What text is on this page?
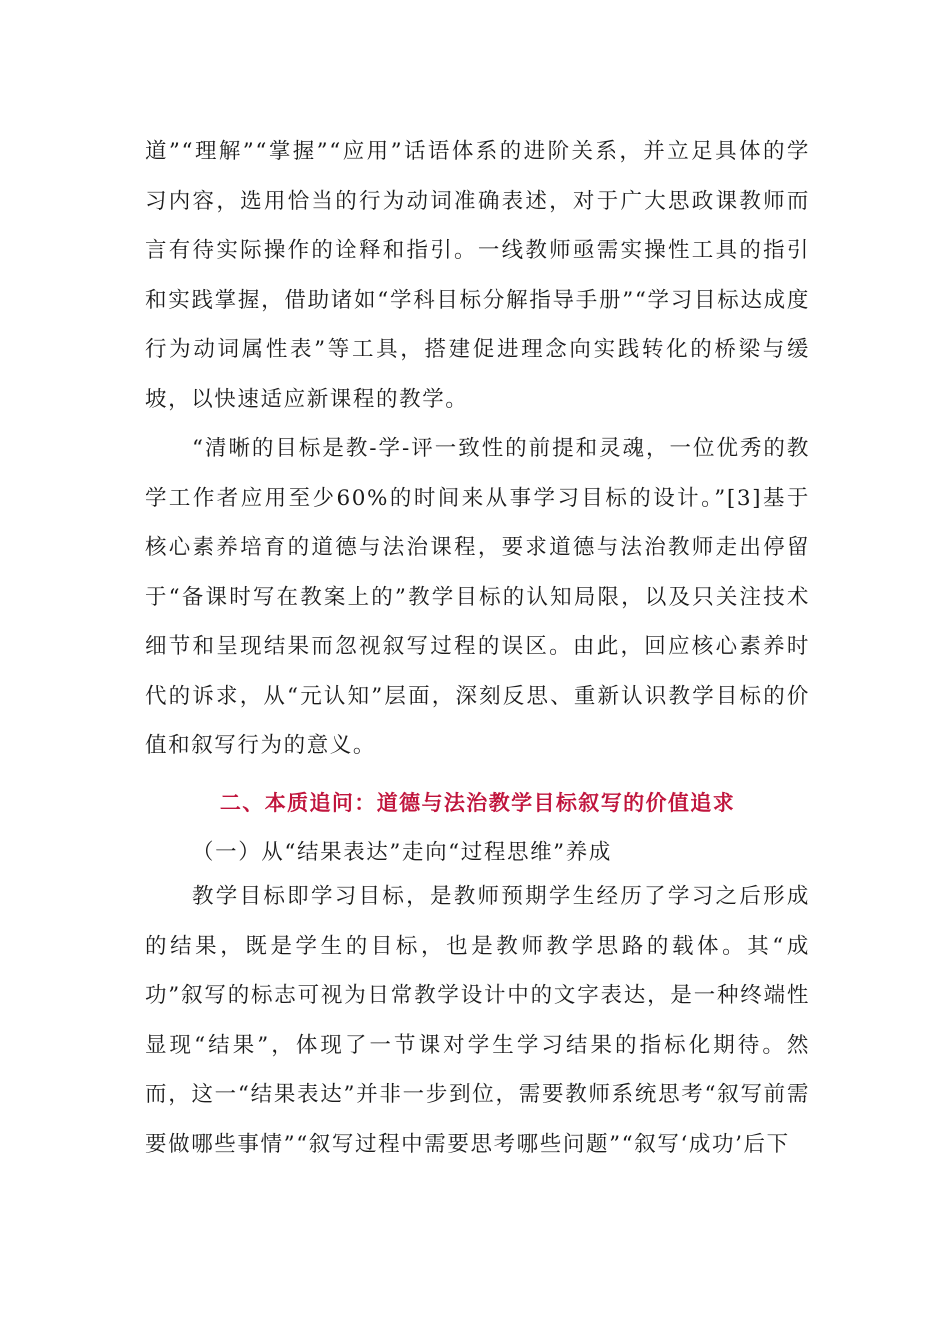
道”“理解”“掌握”“应用”话语体系的进阶关系，并立足具体的学习内容，选用恰当的行为动词准确表述，对于广大思政课教师而言有待实际操作的诠释和指引。一线教师亟需实操性工具的指引和实践掌握，借助诸如“学科目标分解指导手册”“学习目标达成度行为动词属性表”等工具，搭建促进理念向实践转化的桥梁与缓坡，以快速适应新课程的教学。

“清晰的目标是教-学-评一致性的前提和灵魂，一位优秀的教学工作者应用至少60%的时间来从事学习目标的设计。”[3]基于核心素养培育的道德与法治课程，要求道德与法治教师走出停留于“备课时写在教案上的”教学目标的认知局限，以及只关注技术细节和呈现结果而忽视叙写过程的误区。由此，回应核心素养时代的诉求，从“元认知”层面，深刻反思、重新认识教学目标的价值和叙写行为的意义。

二、本质追问：道德与法治教学目标叙写的价值追求
（一）从“结果表达”走向“过程思维”养成

教学目标即学习目标，是教师预期学生经历了学习之后形成的结果，既是学生的目标，也是教师教学思路的载体。其“成功”叙写的标志可视为日常教学设计中的文字表达，是一种终端性显现“结果”，体现了一节课对学生学习结果的指标化期待。然而，这一“结果表达”并非一步到位，需要教师系统思考“叙写前需要做哪些事情”“叙写过程中需要思考哪些问题”“叙写‘成功’后下
